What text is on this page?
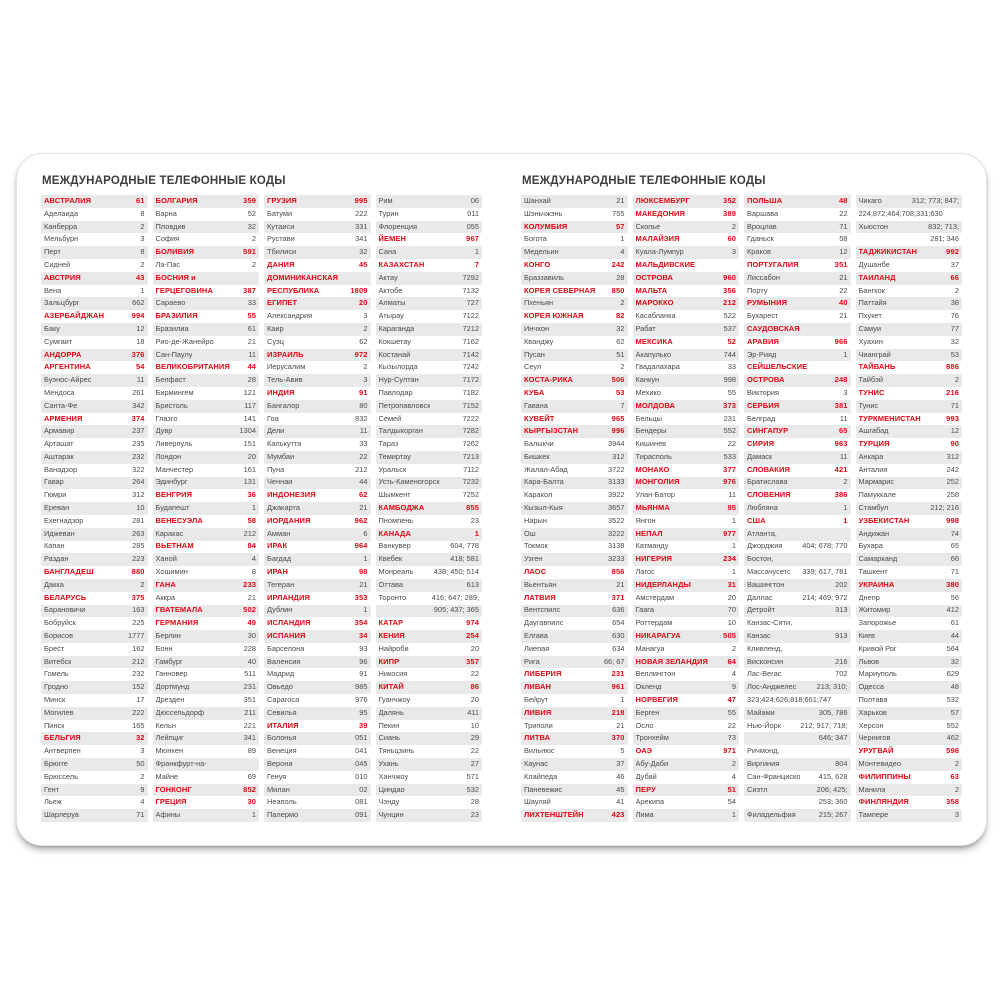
МЕЖДУНАРОДНЫЕ ТЕЛЕФОННЫЕ КОДЫ
АВСТРАЛИЯ	61
Аделаида	8
Канберра	2
Мельбурн	3
Перт	8
Сидней	2
АВСТРИЯ	43
Вена	1
Зальцбург	662
АЗЕРБАЙДЖАН	994
Баку	12
Сумгаит	18
АНДОРРА	376
АРГЕНТИНА	54
Буэнос-Айрес	11
Мендоса	261
Санта-Фе	342
АРМЕНИЯ	374
Армавир	237
Арташат	235
Аштарак	232
Ванадзор	322
Гавар	264
Гюмри	312
Ереван	10
Ехегнадзор	281
Иджеван	263
Капан	285
Раздан	223
БАНГЛАДЕШ	880
Дакка	2
БЕЛАРУСЬ	375
Барановичи	163
Бобруйск	225
Борисов	1777
Брест	162
Витебск	212
Гомель	232
Гродно	152
Минск	17
Могилев	222
Пинск	165
БЕЛЬГИЯ	32
Антверпен	3
Брюгге	50
Брюссель	2
Гент	9
Льеж	4
Шарлеруа	71
БОЛГАРИЯ	359
Варна	52
Пловдив	32
София	2
БОЛИВИЯ	591
Ла-Пас	2
БОСНИЯ и
ГЕРЦЕГОВИНА	387
Сараево	33
БРАЗИЛИЯ	55
Бразилиа	61
Рио-де-Жанейро	21
Сан-Паулу	11
ВЕЛИКОБРИТАНИЯ 44
Белфаст	28
Бирмингем	121
Бристоль	117
Глазго	141
Дувр	1304
Ливерпуль	151
Лондон	20
Манчестер	161
Эдинбург	131
ВЕНГРИЯ	36
Будапешт	1
ВЕНЕСУЭЛА	58
Каракас	212
ВЬЕТНАМ	84
Ханой	4
Хошимин	8
ГАНА	233
Аккра	21
ГВАТЕМАЛА	502
ГЕРМАНИЯ	49
Берлин	30
Бонн	228
Гамбург	40
Ганновер	511
Дортмунд	231
Дрезден	351
Дюссельдорф	211
Кельн	221
Лейпциг	341
Мюнхен	89
Франкфурт-на-
Майне	69
ГОНКОНГ	852
ГРЕЦИЯ	30
Афины	1
ГРУЗИЯ	995
Батуми	222
Кутаиси	331
Рустави	341
Тбилиси	32
ДАНИЯ	45
ДОМИНИКАНСКАЯ
РЕСПУБЛИКА	1809
ЕГИПЕТ	20
Александрия	3
Каир	2
Суэц	62
ИЗРАИЛЬ	972
Иерусалим	2
Тель-Авив	3
ИНДИЯ	91
Бангалор	80
Гоа	832
Дели	11
Калькутта	33
Мумбаи	22
Пуна	212
Ченнаи	44
ИНДОНЕЗИЯ	62
Джакарта	21
ИОРДАНИЯ	962
Амман	6
ИРАК	964
Багдад	1
ИРАН	98
Тегеран	21
ИРЛАНДИЯ	353
Дублин	1
ИСЛАНДИЯ	354
ИСПАНИЯ	34
Барселона	93
Валенсия	96
Мадрид	91
Овьедо	985
Сарагоса	976
Севилья	95
ИТАЛИЯ	39
Болонья	051
Венеция	041
Верона	045
Генуя	010
Милан	02
Неаполь	081
Палермо	091
Рим	06
Турин	011
Флоренция	055
ЙЕМЕН	967
Сана	1
КАЗАХСТАН	7
Актау	7292
Актобе	7132
Алматы	727
Атырау	7122
Караганда	7212
Кокшетау	7162
Костанай	7142
Кызылорда	7242
Нур-Султан	7172
Павлодар	7182
Петропавловск	7152
Семей	7222
Талдыкорган	7282
Тараз	7262
Темиртау	7213
Уральск	7112
Усть-Каменогорск	7232
Шымкент	7252
КАМБОДЖА	855
Пномпень	23
КАНАДА	1
Ванкувер	604, 778
Квебек	418; 581
Монреаль	438; 450; 514
Оттава	613
Торонто	416; 647; 289;
905; 437; 365
КАТАР	974
КЕНИЯ	254
Найроби	20
КИПР	357
Никосия	22
КИТАЙ	86
Гуанчжоу	20
Далянь	411
Пекин	10
Сиань	29
Тяньцзинь	22
Ухань	27
Ханчжоу	571
Циндао	532
Чэнду	28
Чунцин	23
МЕЖДУНАРОДНЫЕ ТЕЛЕФОННЫЕ КОДЫ
Шанхай	21
Шэньчжэнь	755
КОЛУМБИЯ	57
Богота	1
Медельин	4
КОНГО	242
Браззавиль	28
КОРЕЯ СЕВЕРНАЯ 850
Пхеньян	2
КОРЕЯ ЮЖНАЯ	82
Инчхон	32
Кванджу	62
Пусан	51
Сеул	2
КОСТА-РИКА	506
КУБА	53
Гавана	7
КУВЕЙТ	965
КЫРГЫЗСТАН	996
Балыкчи	3944
Бишкек	312
Жалал-Абад	3722
Кара-Балта	3133
Каракол	3922
Кызыл-Кыя	3657
Нарын	3522
Ош	3222
Токмок	3138
Узген	3233
ЛАОС	856
Вьентьян	21
ЛАТВИЯ	371
Вентспилс	636
Даугавпилс	654
Елгава	630
Лиепая	634
Рига	66; 67
ЛИБЕРИЯ	231
ЛИВАН	961
Бейрут	1
ЛИВИЯ	218
Триполи	21
ЛИТВА	370
Вильнюс	5
Каунас	37
Клайпеда	46
Паневежис	45
Шауляй	41
ЛИХТЕНШТЕЙН	423
ЛЮКСЕМБУРГ	352
МАКЕДОНИЯ	389
Скопье	2
МАЛАЙЗИЯ	60
Куала-Лумпур	3
МАЛЬДИВСКИЕ
ОСТРОВА	960
МАЛЬТА	356
МАРОККО	212
Касабланка	522
Рабат	537
МЕКСИКА	52
Акапулько	744
Гвадалахара	33
Канкун	998
Мехико	55
МОЛДОВА	373
Бельцы	231
Бендеры	552
Кишинев	22
Тирасполь	533
МОНАКО	377
МОНГОЛИЯ	976
Улан-Батор	11
МЬЯНМА	95
Янгон	1
НЕПАЛ	977
Катманду	1
НИГЕРИЯ	234
Лагос	1
НИДЕРЛАНДЫ	31
Амстердам	20
Гаага	70
Роттердам	10
НИКАРАГУА	505
Манагуа	2
НОВАЯ ЗЕЛАНДИЯ	64
Веллингтон	4
Окленд	9
НОРВЕГИЯ	47
Берген	55
Осло	22
Тронхейм	73
ОАЭ	971
Абу-Даби	2
Дубай	4
ПЕРУ	51
Арекипа	54
Лима	1
ПОЛЬША	48
Варшава	22
Вроцлав	71
Гданьск	58
Краков	12
ПОРТУГАЛИЯ	351
Лиссабон	21
Порту	22
РУМЫНИЯ	40
Бухарест	21
САУДОВСКАЯ
АРАВИЯ	966
Эр-Рияд	1
СЕЙШЕЛЬСКИЕ
ОСТРОВА	248
Виктория	3
СЕРБИЯ	381
Белград	11
СИНГАПУР	65
СИРИЯ	963
Дамаск	11
СЛОВАКИЯ	421
Братислава	2
СЛОВЕНИЯ	386
Любляна	1
США	1
Атланта,
Джорджия	404; 678; 770
Бостон,
Массачусетс 339; 617, 781
Вашингтон	202
Даллас	214; 469; 972
Детройт	313
Канзас-Сити,
Канзас	913
Кливленд,
Висконсин	216
Лас-Вегас	702
Лос-Анджелес	213; 310;
323;424;626;818;661;747
Майами	305, 786
Нью-Йорк	212; 917; 718;
646; 347
Ричмонд,
Виргиния	804
Сан-Франциско 415, 628
Сиэтл	206; 425;
253; 360
Филадельфия	215; 267
Чикаго	312; 773; 847;
224;872;464;708;331;630
Хьюстон	832; 713;
281; 346
ТАДЖИКИСТАН	992
Душанбе	37
ТАИЛАНД	66
Бангкок	2
Паттайя	38
Пхукет	76
Самуи	77
Хуахин	32
Чианграй	53
ТАЙВАНЬ	886
Тайбэй	2
ТУНИС	216
Тунис	71
ТУРКМЕНИСТАН	993
Ашгабад	12
ТУРЦИЯ	90
Анкара	312
Анталия	242
Мармарис	252
Памуккале	258
Стамбул	212; 216
УЗБЕКИСТАН	998
Андижан	74
Бухара	65
Самарканд	66
Ташкент	71
УКРАИНА	380
Днепр	56
Житомир	412
Запорожье	61
Киев	44
Кривой Рог	564
Львов	32
Мариуполь	629
Одесса	48
Полтава	532
Харьков	57
Херсон	552
Чернигов	462
УРУГВАЙ	598
Монтевидео	2
ФИЛИППИНЫ	63
Манила	2
ФИНЛЯНДИЯ	358
Тампере	3
